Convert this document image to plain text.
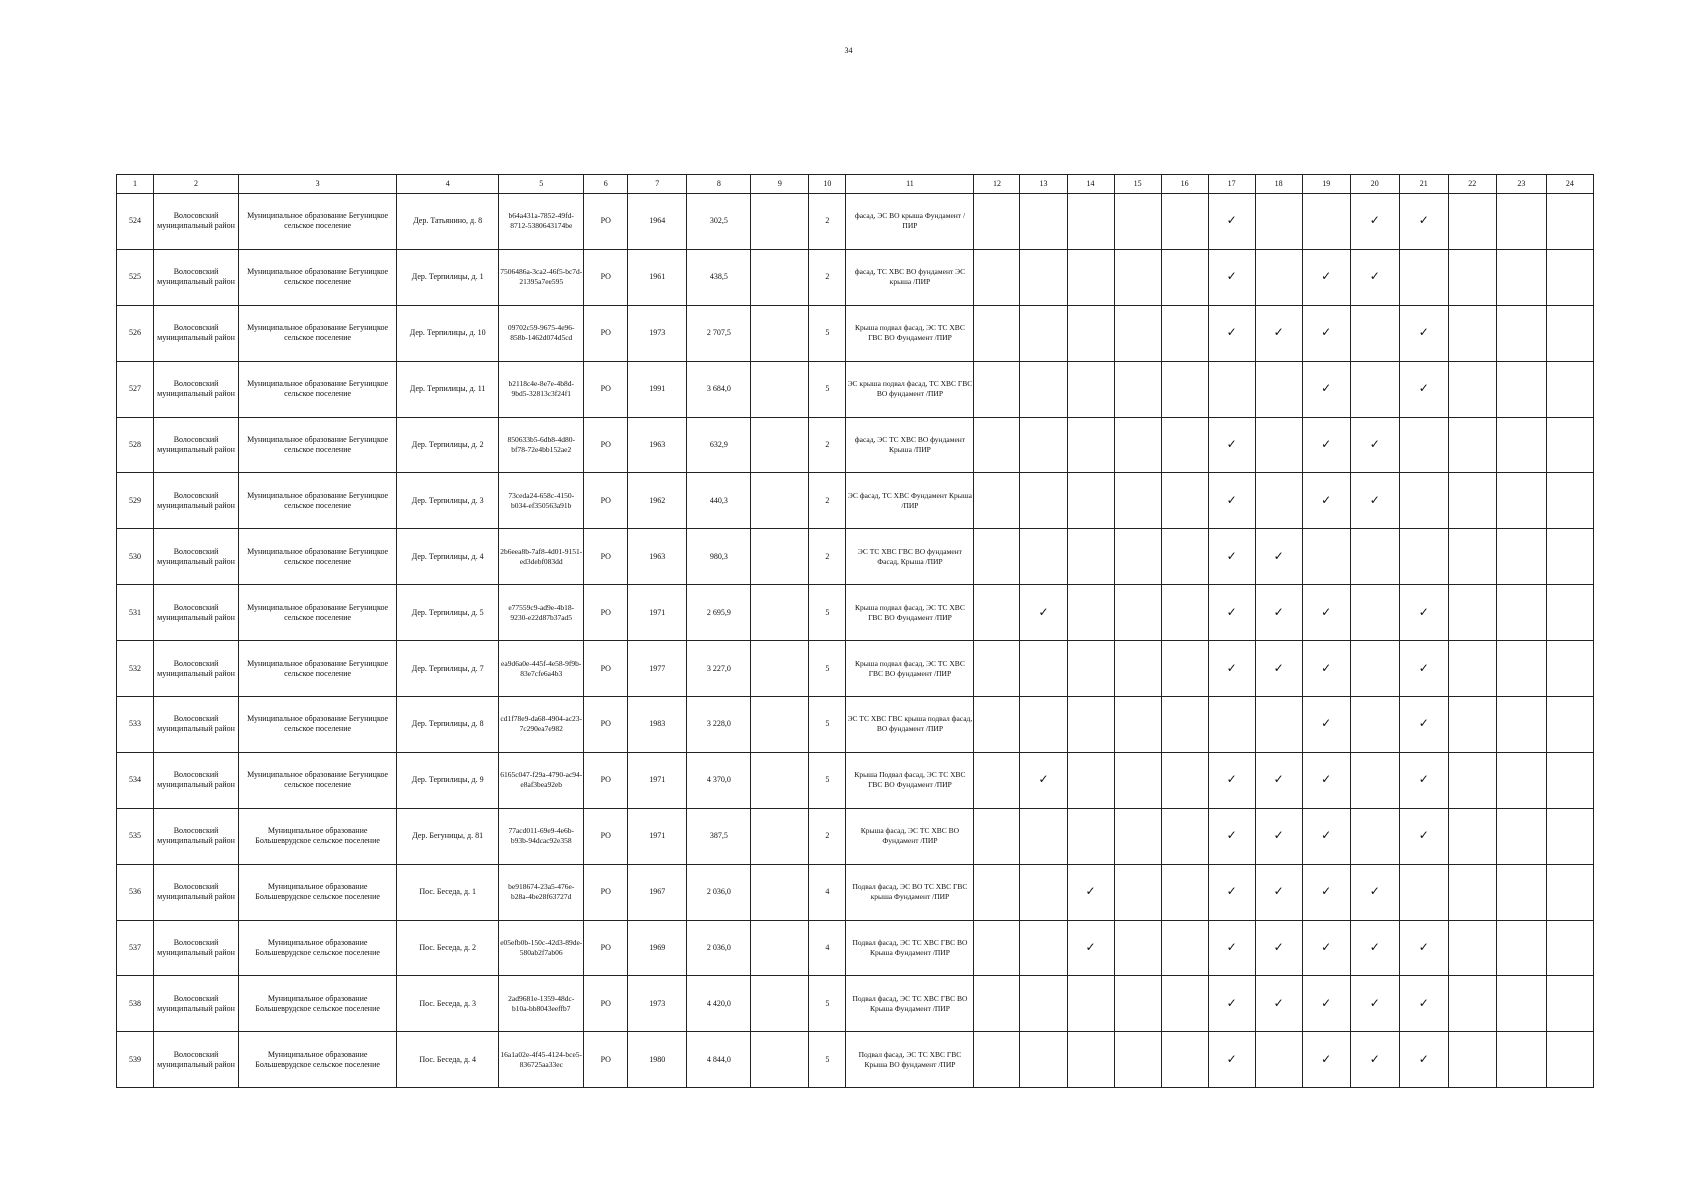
34
1	2	3	4	5	6	7	8	9	10	11	12	13	14	15	16	17	18	19	20	21	22	23	24
524	Волосовский муниципальный район	Муниципальное образование Бегуницкое сельское поселение	Дер. Татьянино, д. 8	b64a431a-7852-49fd-8712-5380643174be	РО	1964	302,5		2	фасад, ЭС ВО крыша Фундамент /ПИР						✓			✓	✓			
525	Волосовский муниципальный район	Муниципальное образование Бегуницкое сельское поселение	Дер. Терпилицы, д. 1	7506486a-3ca2-46f5-bc7d-21395a7ee595	РО	1961	438,5		2	фасад, ТС ХВС ВО фундамент ЭС крыша /ПИР						✓		✓	✓				
526	Волосовский муниципальный район	Муниципальное образование Бегуницкое сельское поселение	Дер. Терпилицы, д. 10	09702c59-9675-4e96-858b-1462d074d5cd	РО	1973	2 707,5		5	Крыша подвал фасад, ЭС ТС ХВС ГВС ВО Фундамент /ПИР						✓	✓	✓		✓			
527	Волосовский муниципальный район	Муниципальное образование Бегуницкое сельское поселение	Дер. Терпилицы, д. 11	b2118c4e-8e7e-4b8d-9bd5-32813c3f24f1	РО	1991	3 684,0		5	ЭС крыша подвал фасад, ТС ХВС ГВС ВО фундамент /ПИР								✓		✓			
528	Волосовский муниципальный район	Муниципальное образование Бегуницкое сельское поселение	Дер. Терпилицы, д. 2	850633b5-6db8-4d80-bf78-72e4bb152ae2	РО	1963	632,9		2	фасад, ЭС ТС ХВС ВО фундамент Крыша /ПИР						✓		✓	✓				
529	Волосовский муниципальный район	Муниципальное образование Бегуницкое сельское поселение	Дер. Терпилицы, д. 3	73ceda24-658c-4150-b034-ef350563a91b	РО	1962	440,3		2	ЭС фасад, ТС ХВС Фундамент Крыша /ПИР						✓		✓	✓				
530	Волосовский муниципальный район	Муниципальное образование Бегуницкое сельское поселение	Дер. Терпилицы, д. 4	2b6eea8b-7af8-4d01-9151-ed3debf083dd	РО	1963	980,3		2	ЭС ТС ХВС ГВС ВО фундамент Фасад, Крыша /ПИР						✓	✓						
531	Волосовский муниципальный район	Муниципальное образование Бегуницкое сельское поселение	Дер. Терпилицы, д. 5	e77559c9-ad9e-4b18-9230-e22d87b37ad5	РО	1971	2 695,9		5	Крыша подвал фасад, ЭС ТС ХВС ГВС ВО Фундамент /ПИР		✓				✓	✓	✓		✓			
532	Волосовский муниципальный район	Муниципальное образование Бегуницкое сельское поселение	Дер. Терпилицы, д. 7	ea9d6a0e-445f-4e58-9f9b-83e7cfe6a4b3	РО	1977	3 227,0		5	Крыша подвал фасад, ЭС ТС ХВС ГВС ВО фундамент /ПИР						✓	✓	✓		✓			
533	Волосовский муниципальный район	Муниципальное образование Бегуницкое сельское поселение	Дер. Терпилицы, д. 8	cd1f78e9-da68-4904-ac23-7c290ea7e982	РО	1983	3 228,0		5	ЭС ТС ХВС ГВС крыша подвал фасад, ВО фундамент /ПИР								✓		✓			
534	Волосовский муниципальный район	Муниципальное образование Бегуницкое сельское поселение	Дер. Терпилицы, д. 9	6165c047-f29a-4790-ac94-e8af3bea92eb	РО	1971	4 370,0		5	Крыша Подвал фасад, ЭС ТС ХВС ГВС ВО Фундамент /ПИР		✓				✓	✓	✓		✓			
535	Волосовский муниципальный район	Муниципальное образование Большеврудское сельское поселение	Дер. Бегуницы, д. 81	77acd011-69e9-4e6b-b93b-94dcac92e358	РО	1971	387,5		2	Крыша фасад, ЭС ТС ХВС ВО Фундамент /ПИР						✓	✓	✓		✓			
536	Волосовский муниципальный район	Муниципальное образование Большеврудское сельское поселение	Пос. Беседа, д. 1	be918674-23a5-476e-b28a-4be28f63727d	РО	1967	2 036,0		4	Подвал фасад, ЭС ВО ТС ХВС ГВС крыша Фундамент /ПИР			✓			✓	✓	✓	✓				
537	Волосовский муниципальный район	Муниципальное образование Большеврудское сельское поселение	Пос. Беседа, д. 2	e05efb0b-150c-42d3-89de-580ab2f7ab06	РО	1969	2 036,0		4	Подвал фасад, ЭС ТС ХВС ГВС ВО Крыша Фундамент /ПИР			✓			✓	✓	✓	✓	✓			
538	Волосовский муниципальный район	Муниципальное образование Большеврудское сельское поселение	Пос. Беседа, д. 3	2ad9681e-1359-48dc-b10a-bb8043eeffb7	РО	1973	4 420,0		5	Подвал фасад, ЭС ТС ХВС ГВС ВО Крыша Фундамент /ПИР						✓	✓	✓	✓	✓			
539	Волосовский муниципальный район	Муниципальное образование Большеврудское сельское поселение	Пос. Беседа, д. 4	16a1a02e-4f45-4124-bce5-836725aa33ec	РО	1980	4 844,0		5	Подвал фасад, ЭС ТС ХВС ГВС Крыша ВО фундамент /ПИР						✓		✓	✓	✓			
